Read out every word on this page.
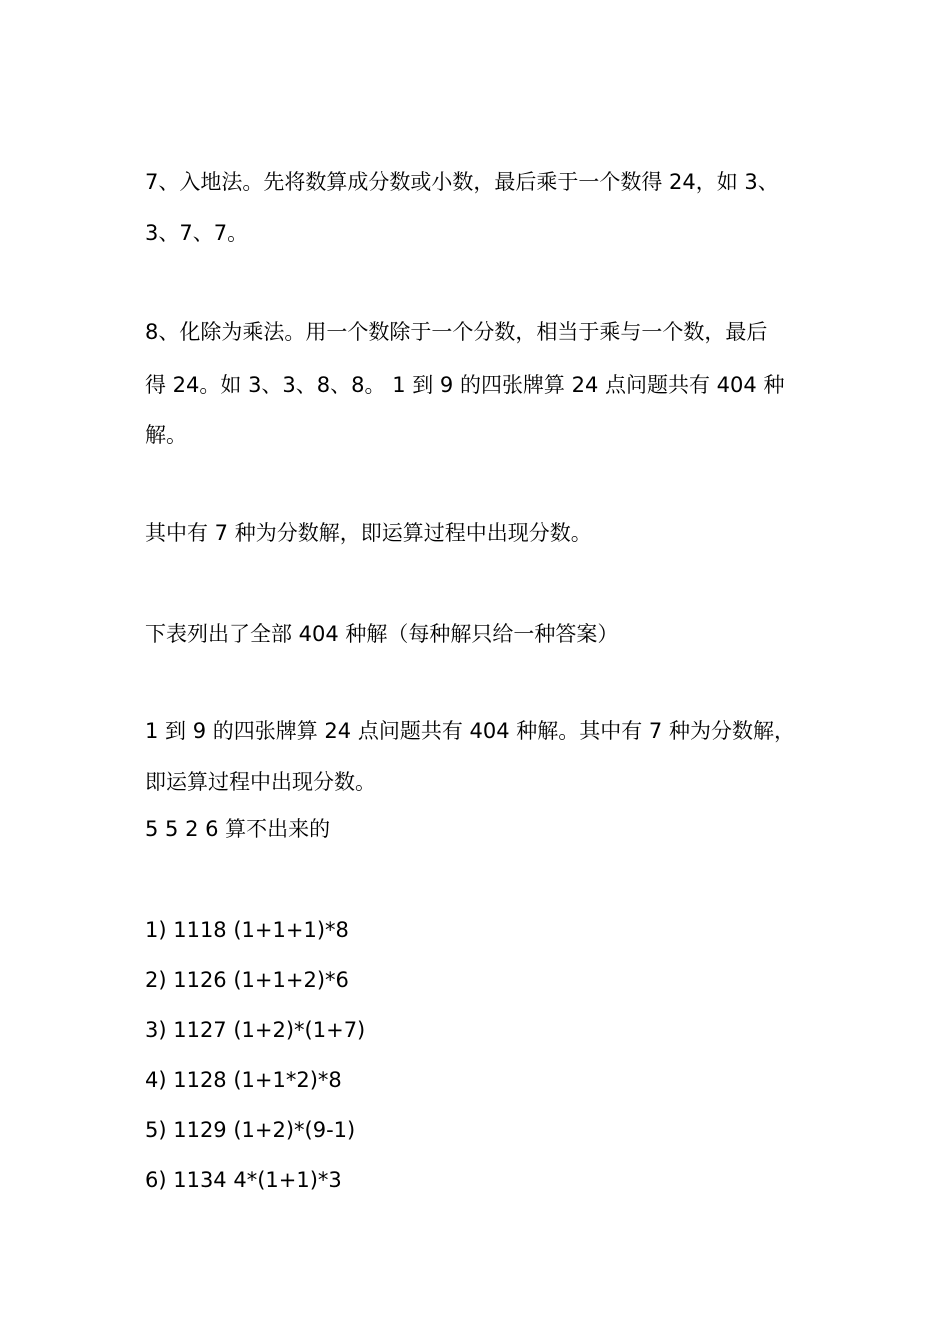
7、入地法。先将数算成分数或小数，最后乘于一个数得 24，如 3、
3、7、7。
8、化除为乘法。用一个数除于一个分数，相当于乘与一个数，最后
得 24。如 3、3、8、8。 1 到 9 的四张牌算 24 点问题共有 404 种
解。
其中有 7 种为分数解，即运算过程中出现分数。
下表列出了全部 404 种解（每种解只给一种答案）
1 到 9 的四张牌算 24 点问题共有 404 种解。其中有 7 种为分数解，
即运算过程中出现分数。
5 5 2 6 算不出来的
1) 1118 (1+1+1)*8
2) 1126 (1+1+2)*6
3) 1127 (1+2)*(1+7)
4) 1128 (1+1*2)*8
5) 1129 (1+2)*(9-1)
6) 1134 4*(1+1)*3
